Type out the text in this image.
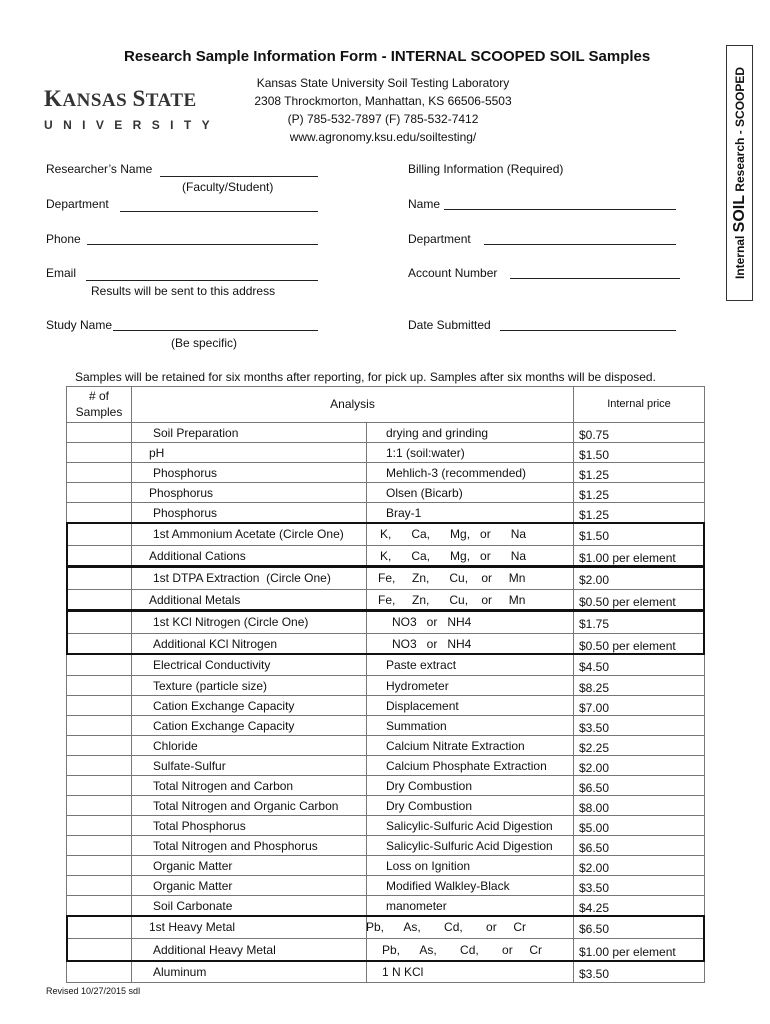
Research Sample Information Form - INTERNAL SCOOPED SOIL Samples
Kansas State University Soil Testing Laboratory
2308 Throckmorton, Manhattan, KS 66506-5503
(P) 785-532-7897 (F) 785-532-7412
www.agronomy.ksu.edu/soiltesting/
KANSAS STATE
UNIVERSITY
Internal SOIL Research - SCOOPED
Researcher’s Name
(Faculty/Student)
Department
Phone
Email
Results will be sent to this address
Study Name
(Be specific)
Billing Information (Required)
Name
Department
Account Number
Date Submitted
Samples will be retained for six months after reporting, for pick up. Samples after six months will be disposed.
# of
Samples
Analysis	Internal price
Soil Preparation	drying and grinding	$0.75
pH	1:1 (soil:water)	$1.50
Phosphorus	Mehlich-3 (recommended)	$1.25
Phosphorus	Olsen (Bicarb)	$1.25
Phosphorus	Bray-1	$1.25
1st Ammonium Acetate (Circle One)	K,      Ca,      Mg,   or      Na	$1.50
Additional Cations	K,      Ca,      Mg,   or      Na	$1.00 per element
1st DTPA Extraction  (Circle One)	Fe,     Zn,      Cu,    or     Mn	$2.00
Additional Metals	Fe,     Zn,      Cu,    or     Mn	$0.50 per element
1st KCl Nitrogen (Circle One)	NO3   or   NH4	$1.75
Additional KCl Nitrogen	NO3   or   NH4	$0.50 per element
Electrical Conductivity	Paste extract	$4.50
Texture (particle size)	Hydrometer	$8.25
Cation Exchange Capacity	Displacement	$7.00
Cation Exchange Capacity	Summation	$3.50
Chloride	Calcium Nitrate Extraction	$2.25
Sulfate-Sulfur	Calcium Phosphate Extraction	$2.00
Total Nitrogen and Carbon	Dry Combustion	$6.50
Total Nitrogen and Organic Carbon	Dry Combustion	$8.00
Total Phosphorus	Salicylic-Sulfuric Acid Digestion $5.00
Total Nitrogen and Phosphorus	Salicylic-Sulfuric Acid Digestion $6.50
Organic Matter	Loss on Ignition	$2.00
Organic Matter	Modified Walkley-Black	$3.50
Soil Carbonate	manometer	$4.25
1st Heavy Metal	Pb,      As,       Cd,       or     Cr	$6.50
Additional Heavy Metal	Pb,      As,       Cd,       or     Cr	$1.00 per element
Aluminum	1 N KCl	$3.50
Revised 10/27/2015 sdl
